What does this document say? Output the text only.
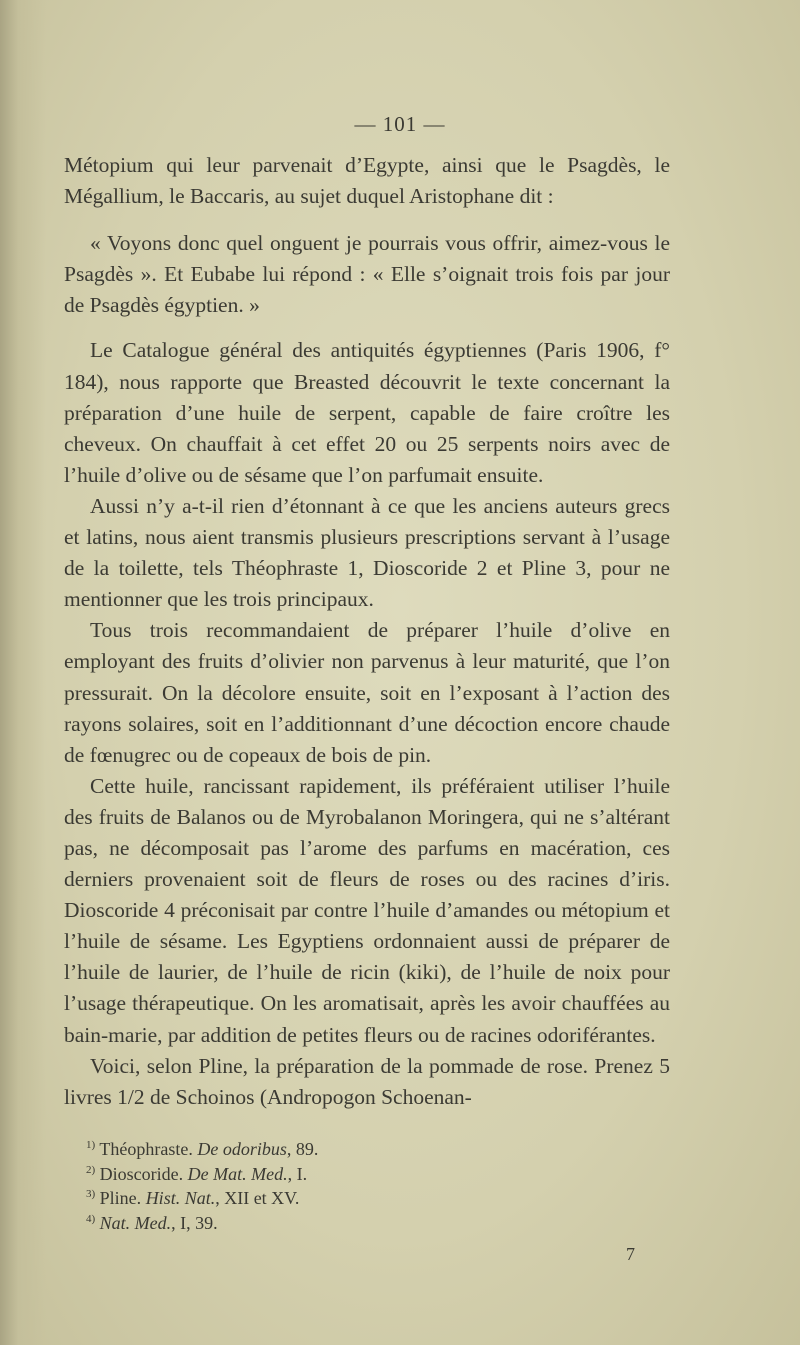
— 101 —

Métopium qui leur parvenait d’Egypte, ainsi que le Psagdès, le Mégallium, le Baccaris, au sujet duquel Aristophane dit :

« Voyons donc quel onguent je pourrais vous offrir, aimez-vous le Psagdès ». Et Eubabe lui répond : « Elle s’oignait trois fois par jour de Psagdès égyptien. »

Le Catalogue général des antiquités égyptiennes (Paris 1906, f° 184), nous rapporte que Breasted découvrit le texte concernant la préparation d’une huile de serpent, capable de faire croître les cheveux. On chauffait à cet effet 20 ou 25 serpents noirs avec de l’huile d’olive ou de sésame que l’on parfumait ensuite.

Aussi n’y a-t-il rien d’étonnant à ce que les anciens auteurs grecs et latins, nous aient transmis plusieurs prescriptions servant à l’usage de la toilette, tels Théophraste 1, Dioscoride 2 et Pline 3, pour ne mentionner que les trois principaux.

Tous trois recommandaient de préparer l’huile d’olive en employant des fruits d’olivier non parvenus à leur maturité, que l’on pressurait. On la décolore ensuite, soit en l’exposant à l’action des rayons solaires, soit en l’additionnant d’une décoction encore chaude de fœnugrec ou de copeaux de bois de pin.

Cette huile, rancissant rapidement, ils préféraient utiliser l’huile des fruits de Balanos ou de Myrobalanon Moringera, qui ne s’altérant pas, ne décomposait pas l’arome des parfums en macération, ces derniers provenaient soit de fleurs de roses ou des racines d’iris. Dioscoride 4 préconisait par contre l’huile d’amandes ou métopium et l’huile de sésame. Les Egyptiens ordonnaient aussi de préparer de l’huile de laurier, de l’huile de ricin (kiki), de l’huile de noix pour l’usage thérapeutique. On les aromatisait, après les avoir chauffées au bain-marie, par addition de petites fleurs ou de racines odoriférantes.

Voici, selon Pline, la préparation de la pommade de rose. Prenez 5 livres 1/2 de Schoinos (Andropogon Schoenan-

$^{1)}$ Théophraste. De odoribus, 89.

$^{2)}$ Dioscoride. De Mat. Med., I.

$^{3)}$ Pline. Hist. Nat., XII et XV.

$^{4)}$ Nat. Med., I, 39.

7
